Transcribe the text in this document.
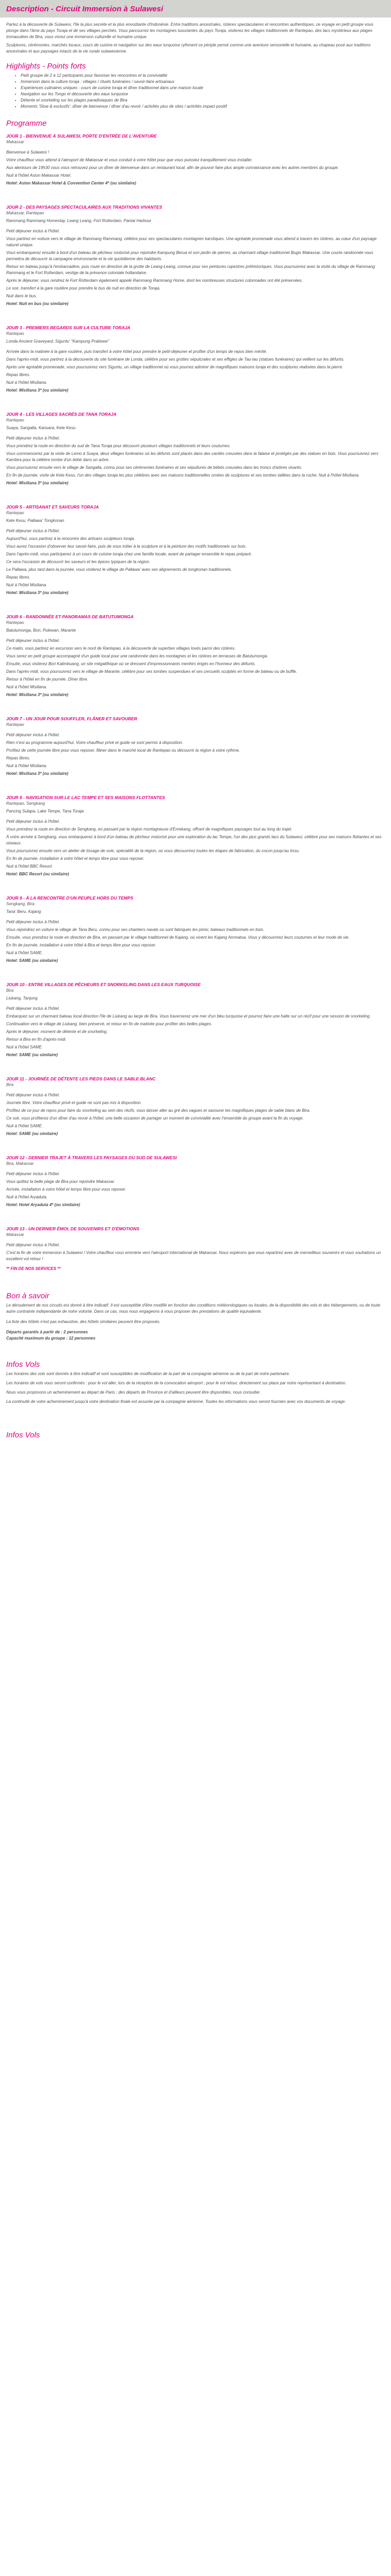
Description - Circuit Immersion à Sulawesi

Partez à la découverte de Sulawesi, l'île la plus secrète et la plus envoûtante d'Indonésie. Entre traditions ancestrales, rizières spectaculaires et rencontres authentiques, ce voyage en petit groupe vous plonge dans l'âme du pays Toraja et de ses villages perchés. Vous parcourrez les montagnes luxuriantes du pays Toraja, visiterez les villages traditionnels de Rantepao, des lacs mystérieux aux plages immaculées de Bira, vous vivrez une immersion culturelle et humaine unique.

Sculptures, cérémonies, marchés locaux, cours de cuisine et navigation sur des eaux turquoise rythment ce périple pensé comme une aventure sensorielle et humaine, au chapeau posé aux traditions ancestrales et aux paysages intacts de la vie rurale sulawesienne.

Highlights - Points forts
• Petit groupe de 2 à 12 participants pour favoriser les rencontres et la convivialité
• Immersion dans la culture toraja : villages / rituels funéraires / savoir-faire artisanaux
• Expériences culinaires uniques : cours de cuisine toraja et dîner traditionnel dans une maison locale
• Navigation sur les Tongo et découverte des eaux turquoise
• Détente et snorkeling sur les plages paradisiaques de Bira
• Moments 'Slow & exclusifs': dîner de bienvenue / dîner d'au revoir / activités plus de sites / activités impact positif
Programme
JOUR 1 - BIENVENUE À SULAWESI, PORTE D'ENTRÉE DE L'AVENTURE

Makassar

Bienvenue à Sulawesi !

Votre chauffeur vous attend à l'aéroport de Makassar et vous conduit à votre hôtel pour que vous puissiez tranquillement vous installer.

Aux alentours de 19h30 vous vous retrouvez pour un dîner de bienvenue dans un restaurant local, afin de pouvoir faire plus ample connaissance avec les autres membres du groupe.

Nuit à l'hôtel Aston Makassar Hotel.

Hotel: Aston Makassar Hotel & Convention Center 4* (ou similaire)

JOUR 2 - DES PAYSAGES SPECTACULAIRES AUX TRADITIONS VIVANTES

Makassar, Rantepao

Rammang Rammang Homestay, Leang Leang, Fort Rotterdam, Pantai Harbour

Petit déjeuner inclus à l'hôtel.

Vous partirez en voiture vers le village de Rammang Rammang, célèbre pour ses spectaculaires montagnes karstiques. Une agréable promenade vous attend à travers les rizières, au cœur d'un paysage naturel unique.

Vous embarquerez ensuite à bord d'un bateau de pêcheur motorisé pour rejoindre Kampung Berua et son jardin de pierres, au charmant village traditionnel Bugis Makassar. Une courte randonnée vous permettra de découvrir la campagne environnante et la vie quotidienne des habitants.

Retour en bateau jusqu'à l'embarcadère, puis route en direction de la grotte de Leang-Leang, connue pour ses peintures rupestres préhistoriques. Vous poursuivrez avec la visite du village de Rammang Rammang et le Fort Rotterdam, vestige de la présence coloniale hollandaise.

Après le déjeuner, vous rendrez le Fort Rotterdam également appelé Rammang Rammang Home, dont les nombreuses structures colonnades ont été préservées.

Le soir, transfert à la gare routière pour prendre le bus de nuit en direction de Toraja.

Nuit dans le bus.

Hotel: Nuit en bus (ou similaire)

JOUR 3 - PREMIERS REGARDS SUR LA CULTURE TORAJA

Rantepao

Londa Ancient Graveyard, Siguntu' "Kampung Prabewe"

Arrivée dans la matinée à la gare routière, puis transfert à votre hôtel pour prendre le petit-déjeuner et profiter d'un temps de repos bien mérité.

Dans l'après-midi, vous partirez à la découverte du site funéraire de Londa, célèbre pour ses grottes sépulcrales et ses effigies de Tau-tau (statues funéraires) qui veillent sur les défunts.

Après une agréable promenade, vous poursuivrez vers Siguntu, un village traditionnel où vous pourrez admirer de magnifiques maisons toraja et des sculptures réalisées dans la pierre.

Repas libres.

Nuit à l'hôtel Misiliana.

Hotel: Misiliana 3* (ou similaire)

JOUR 4 - LES VILLAGES SACRÉS DE TANA TORAJA

Rantepao

Suaya, Sangalla, Kanuara, Kete Kesu

Petit déjeuner inclus à l'hôtel.

Vous prendrez la route en direction du sud de Tana Toraja pour découvrir plusieurs villages traditionnels et leurs coutumes.

Vous commencerez par la visite de Lemo à Suaya, deux villages funéraires où les défunts sont placés dans des cavités creusées dans la falaise et protégés par des statues en bois. Vous poursuivrez vers Kambira pour la célèbre tombe d'un bébé dans un arbre.

Vous poursuivrez ensuite vers le village de Sangalla, connu pour ses cérémonies funéraires et ses sépultures de bébés creusées dans les troncs d'arbres vivants.

En fin de journée, visite de Kete Kesu, l'un des villages toraja les plus célèbres avec ses maisons traditionnelles ornées de sculptures et ses tombes taillées dans la roche. Nuit à l'hôtel Misiliana.

Hotel: Misiliana 3* (ou similaire)

JOUR 5 - ARTISANAT ET SAVEURS TORAJA

Rantepao

Kete Kesu, Pallawa' Tongkonan

Petit déjeuner inclus à l'hôtel.

Aujourd'hui, vous partirez à la rencontre des artisans sculpteurs toraja.

Vous aurez l'occasion d'observer leur savoir-faire, puis de vous initier à la sculpture et à la peinture des motifs traditionnels sur bois.

Dans l'après-midi, vous participerez à un cours de cuisine toraja chez une famille locale, avant de partager ensemble le repas préparé.

Ce sera l'occasion de découvrir les saveurs et les épices typiques de la région.

Le Pallawa, plus tard dans la journée, vous visiterez le village de Pallawa' avec ses alignements de tongkonan traditionnels.

Repas libres.

Nuit à l'hôtel Misiliana.

Hotel: Misiliana 3* (ou similaire)

JOUR 6 - RANDONNÉE ET PANORAMAS DE BATUTUMONGA

Rantepao

Batutumonga, Bori, Pulewan, Marante

Petit déjeuner inclus à l'hôtel.

Ce matin, vous partirez en excursion vers le nord de Rantepao, à la découverte de superbes villages lovés parmi des rizières.

Vous serez en petit groupe accompagné d'un guide local pour une randonnée dans les montagnes et les rizières en terrasses de Batutumonga.

Ensuite, vous visiterez Bori Kalimbuang, un site mégalithique où se dressent d'impressionnants menhirs érigés en l'honneur des défunts.

Dans l'après-midi, vous poursuivrez vers le village de Marante, célèbre pour ses tombes suspendues et ses cercueils sculptés en forme de bateau ou de buffle.

Retour à l'hôtel en fin de journée. Dîner libre.

Nuit à l'hôtel Misiliana.

Hotel: Misiliana 3* (ou similaire)

JOUR 7 - UN JOUR POUR SOUFFLER, FLÂNER ET SAVOURER

Rantepao

Petit déjeuner inclus à l'hôtel.

Rien n'est au programme aujourd'hui. Votre chauffeur privé et guide se sont permis à disposition.

Profitez de cette journée libre pour vous reposer, flâner dans le marché local de Rantepao ou découvrir la région à votre rythme.

Repas libres.

Nuit à l'hôtel Misiliana.

Hotel: Misiliana 3* (ou similaire)

JOUR 8 - NAVIGATION SUR LE LAC TEMPE ET SES MAISONS FLOTTANTES

Rantepao, Sengkang

Pancing Sulapa, Lake Tempe, Tana Toraja

Petit déjeuner inclus à l'hôtel.

Vous prendrez la route en direction de Sengkang, en passant par la région montagneuse d'Enrekang, offrant de magnifiques paysages tout au long du trajet.

À votre arrivée à Sengkang, vous embarquerez à bord d'un bateau de pêcheur motorisé pour une exploration du lac Tempe, l'un des plus grands lacs du Sulawesi, célèbre pour ses maisons flottantes et ses oiseaux.

Vous poursuivrez ensuite vers un atelier de tissage de soie, spécialité de la région, où vous découvrirez toutes les étapes de fabrication, du cocon jusqu'au tissu.

En fin de journée, installation à votre hôtel et temps libre pour vous reposer.

Nuit à l'hôtel BBC Resort.

Hotel: BBC Resort (ou similaire)

JOUR 9 - À LA RENCONTRE D'UN PEUPLE HORS DU TEMPS

Sengkang, Bira

Tana' Beru, Kajang

Petit déjeuner inclus à l'hôtel.

Vous rejoindrez en voiture le village de Tana Beru, connu pour ses chantiers navals où sont fabriqués les pinisi, bateaux traditionnels en bois.

Ensuite, vous prendrez la route en direction de Bira, en passant par le village traditionnel de Kajang, où vivent les Kajang Ammatoa. Vous y découvrirez leurs coutumes et leur mode de vie.

En fin de journée, installation à votre hôtel à Bira et temps libre pour vous reposer.

Nuit à l'hôtel SAME.

Hotel: SAME (ou similaire)

JOUR 10 - ENTRE VILLAGES DE PÊCHEURS ET SNORKELING DANS LES EAUX TURQUOISE

Bira

Liukang, Tanjung

Petit déjeuner inclus à l'hôtel.

Embarquez sur un charmant bateau local direction l'île de Liukang au large de Bira. Vous traverserez une mer d'un bleu turquoise et pourrez faire une halte sur un récif pour une session de snorkeling.

Continuation vers le village de Liukang, bien préservé, et retour en fin de matinée pour profiter des belles plages.

Après le déjeuner, moment de détente et de snorkeling.

Retour à Bira en fin d'après-midi.

Nuit à l'hôtel SAME.

Hotel: SAME (ou similaire)

JOUR 11 - JOURNÉE DE DÉTENTE LES PIEDS DANS LE SABLE BLANC

Bira

Petit déjeuner inclus à l'hôtel.

Journée libre. Votre chauffeur privé et guide ne sont pas mis à disposition.

Profitez de ce jour de repos pour faire du snorkeling au sein des récifs, vous laisser aller au gré des vagues et savourer les magnifiques plages de sable blanc de Bira.

Ce soir, vous profiterez d'un dîner d'au revoir à l'hôtel, une belle occasion de partager un moment de convivialité avec l'ensemble du groupe avant la fin du voyage.

Nuit à l'hôtel SAME.

Hotel: SAME (ou similaire)

JOUR 12 - DERNIER TRAJET À TRAVERS LES PAYSAGES DU SUD DE SULAWESI

Bira, Makassar

Petit déjeuner inclus à l'hôtel.

Vous quittez la belle plage de Bira pour rejoindre Makassar.

Arrivée, installation à votre hôtel et temps libre pour vous reposer.

Nuit à l'hôtel Aryaduta.

Hotel: Hotel Aryaduta 4* (ou similaire)

JOUR 13 - UN DERNIER ÉMOI, DE SOUVENIRS ET D'ÉMOTIONS

Makassar

Petit déjeuner inclus à l'hôtel.

C'est la fin de votre immersion à Sulawesi ! Votre chauffeur vous emmène vers l'aéroport international de Makassar. Nous espérons que vous repartirez avec de merveilleux souvenirs et vous souhaitons un excellent vol retour !

** FIN DE NOS SERVICES **
Bon à savoir

Le déroulement de nos circuits est donné à titre indicatif. Il est susceptible d'être modifié en fonction des conditions météorologiques ou locales, de la disponibilité des vols et des hébergements, ou de toute autre contrainte indépendante de notre volonté. Dans ce cas, nous nous engageons à vous proposer des prestations de qualité équivalente.

La liste des hôtels n'est pas exhaustive, des hôtels similaires peuvent être proposés.

Départs garantis à partir de : 2 personnes

Capacité maximum du groupe : 12 personnes

Infos Vols

Les horaires des vols sont donnés à titre indicatif et sont susceptibles de modification de la part de la compagnie aérienne ou de la part de notre partenaire.

Les horaires de vols vous seront confirmés : pour le vol aller, lors de la réception de la convocation aéroport ; pour le vol retour, directement sur place par notre représentant à destination.

Nous vous proposons un acheminement au départ de Paris ; des départs de Province et d'ailleurs peuvent être disponibles, nous consulter.

La continuité de votre acheminement jusqu'à votre destination finale est assurée par la compagnie aérienne. Toutes les informations vous seront fournies avec vos documents de voyage.

Infos Vols
